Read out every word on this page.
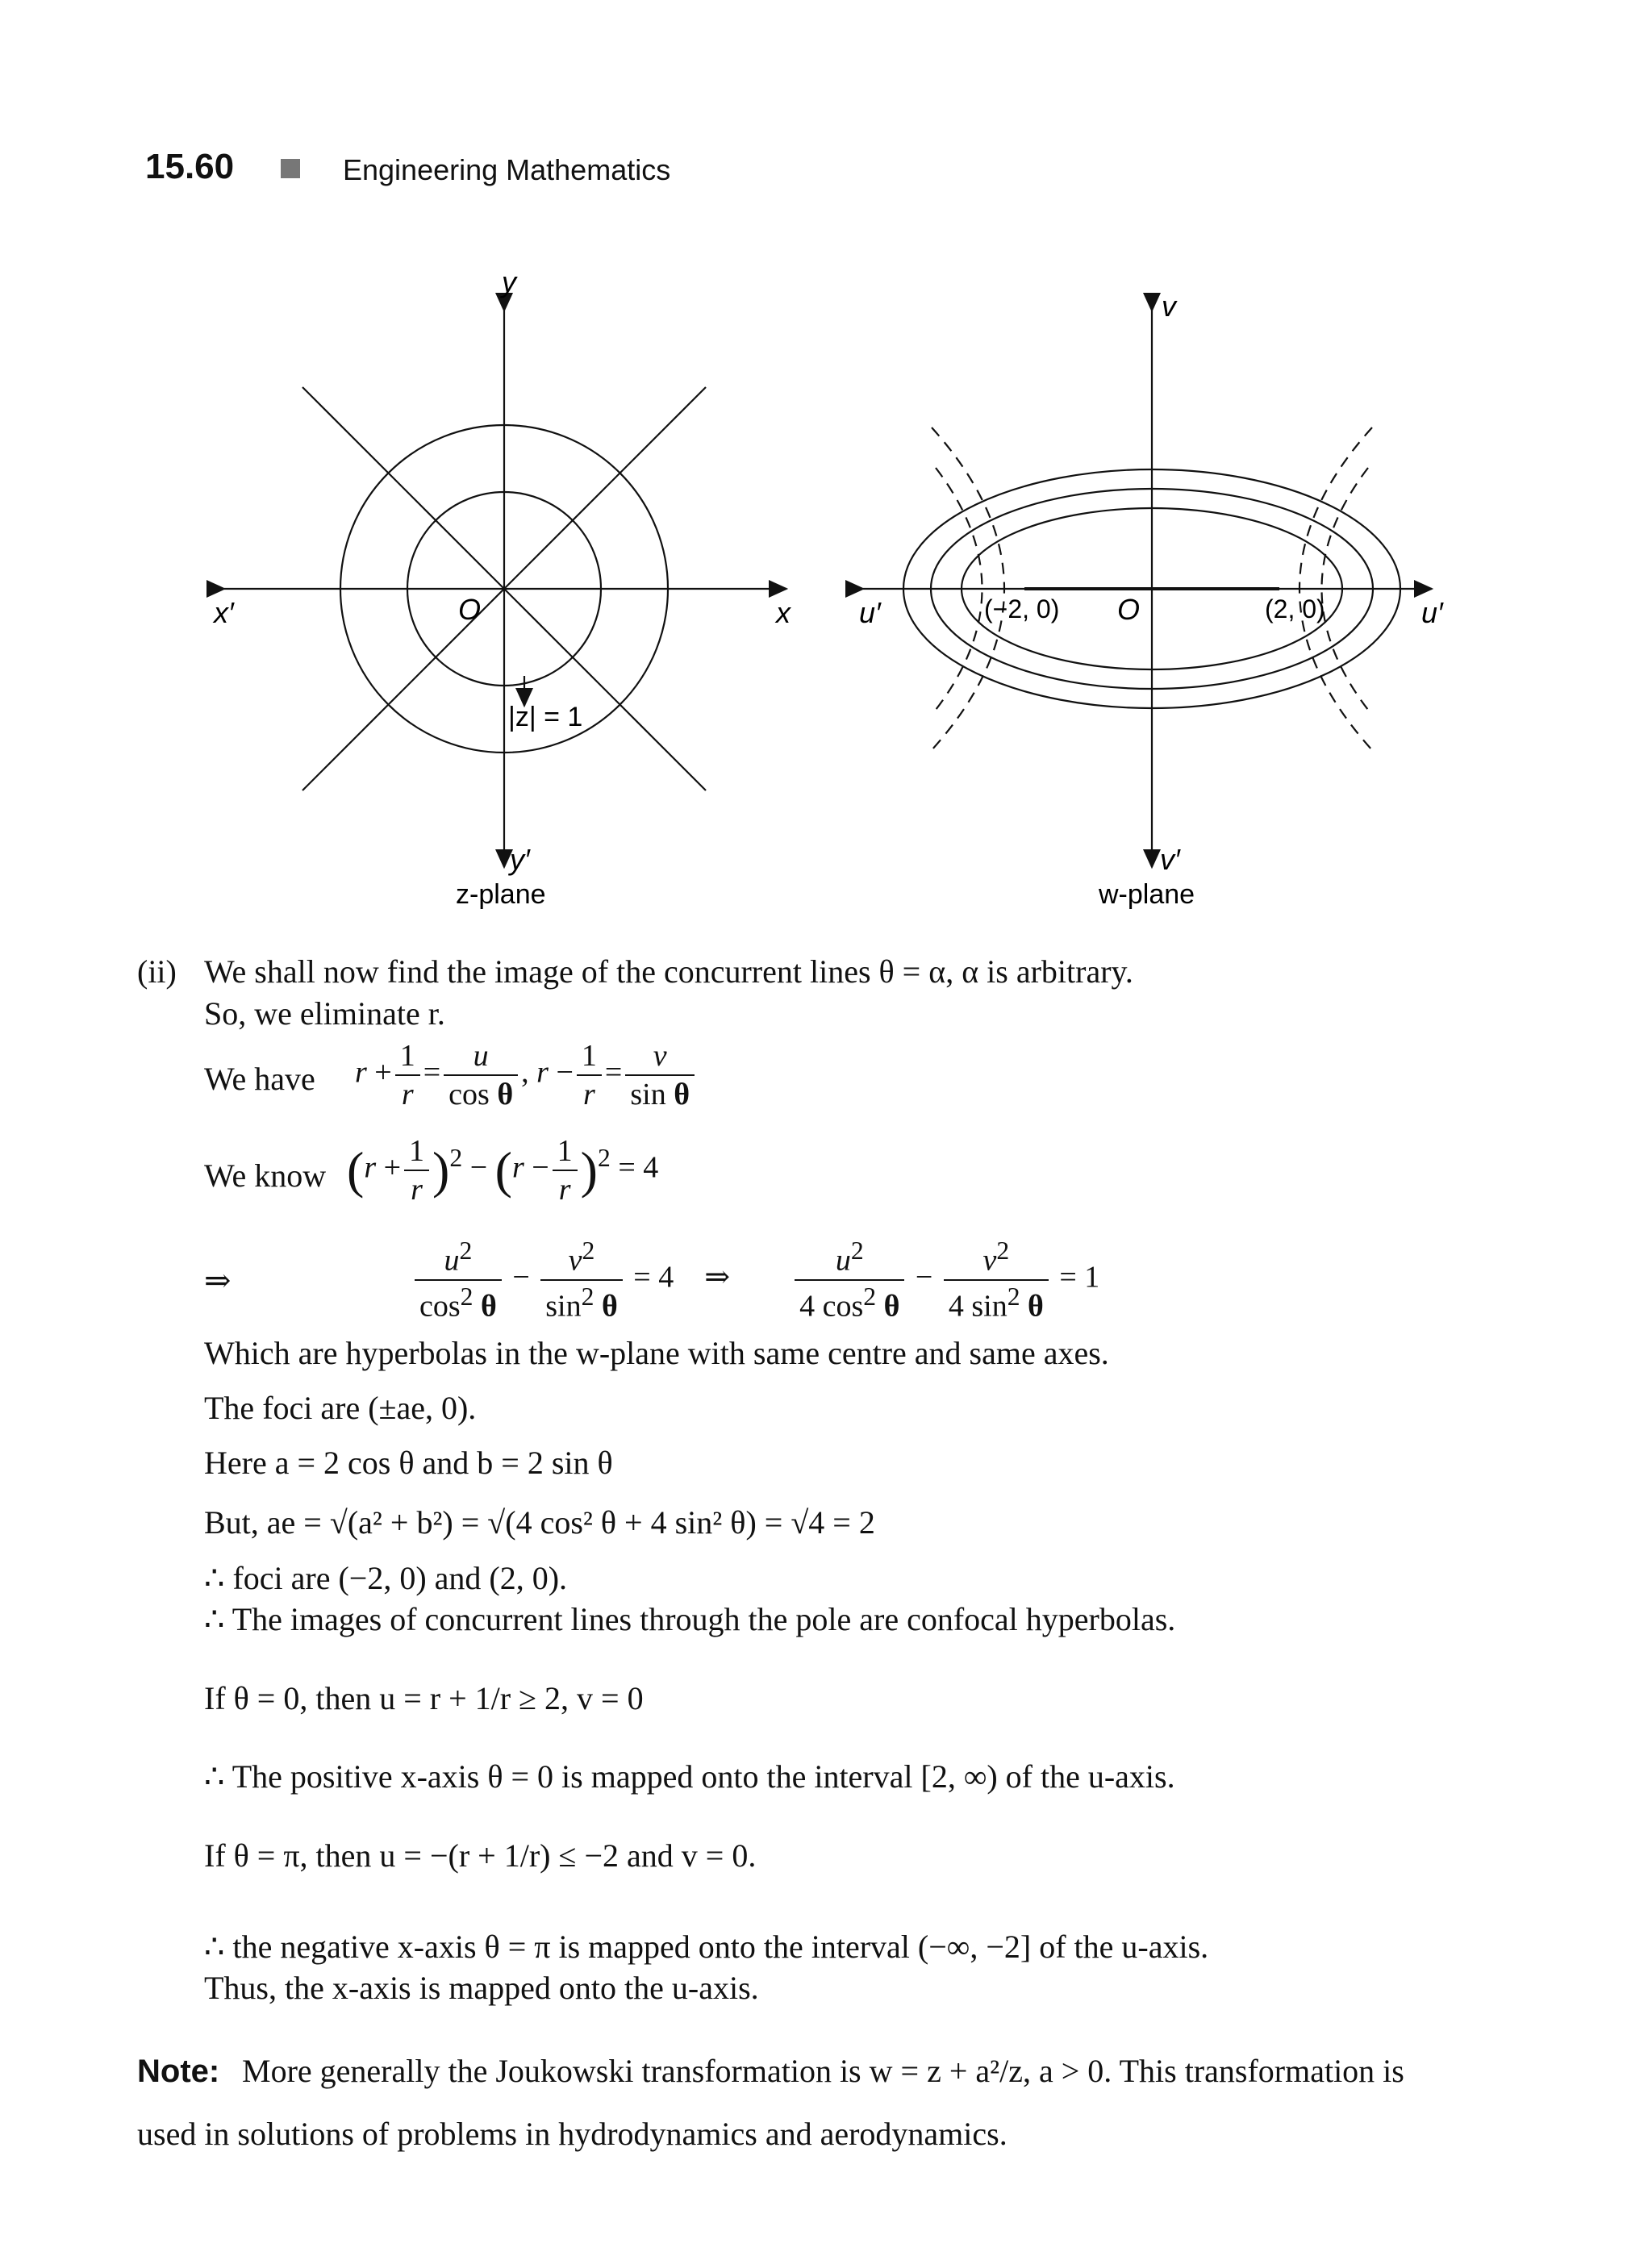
15.60	Engineering Mathematics
y
x′	x
O
y′
|z| = 1
z-plane
v
u′	u′
O
v′
(−2, 0)	(2, 0)
w-plane
(ii) We shall now find the image of the concurrent lines θ = α, α is arbitrary.
So, we eliminate r.
We have $r + \frac{1}{r} = \frac{u}{\text{cos θ}}$ , $r - \frac{1}{r} = \frac{v}{\text{sin θ}}$
We know $(r + \frac{1}{r} )^2 - (r - \frac{1}{r} )^2 = 4$
⇒	$\frac{u^2}{\cos^2 \theta} - \frac{v^2}{\sin^2 \theta} = 4$    ⇒ $\frac{u^2}{4 \cos^2 \theta} - \frac{v^2}{4 \sin^2 \theta} = 1$
Which are hyperbolas in the w-plane with same centre and same axes.
The foci are (±ae, 0).
Here a = 2 cos θ and b = 2 sin θ
But, ae = √(a² + b²) = √(4 cos² θ + 4 sin² θ) = √4 = 2
∴ foci are (−2, 0) and (2, 0).
∴ The images of concurrent lines through the pole are confocal hyperbolas.
If θ = 0, then u = r + 1/r ≥ 2, v = 0
∴ The positive x-axis θ = 0 is mapped onto the interval [2, ∞) of the u-axis.
If θ = π, then u = −(r + 1/r) ≤ −2 and v = 0.
∴ the negative x-axis θ = π is mapped onto the interval (−∞, −2] of the u-axis.
Thus, the x-axis is mapped onto the u-axis.
Note: More generally the Joukowski transformation is w = z + a²/z, a > 0. This transformation is
used in solutions of problems in hydrodynamics and aerodynamics.
